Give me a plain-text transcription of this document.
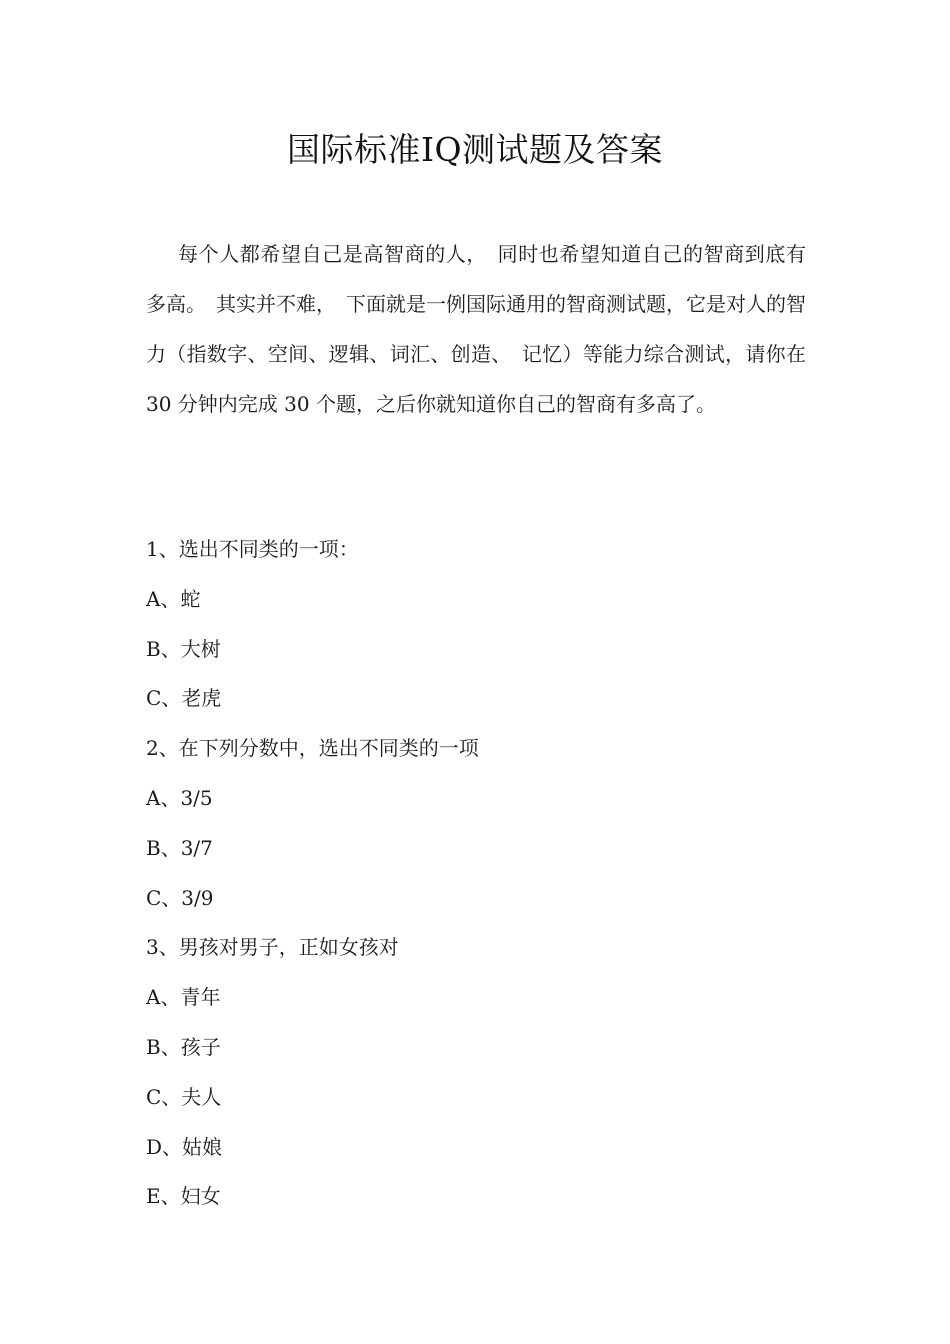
国际标准IQ测试题及答案
每个人都希望自己是高智商的人，　同时也希望知道自己的智商到底有多高。　其实并不难，　下面就是一例国际通用的智商测试题，它是对人的智力（指数字、空间、逻辑、词汇、创造、　记忆）等能力综合测试，请你在 30 分钟内完成 30 个题，之后你就知道你自己的智商有多高了。
1、选出不同类的一项：
A、蛇
B、大树
C、老虎
2、在下列分数中，选出不同类的一项
A、3/5
B、3/7
C、3/9
3、男孩对男子，正如女孩对
A、青年
B、孩子
C、夫人
D、姑娘
E、妇女
